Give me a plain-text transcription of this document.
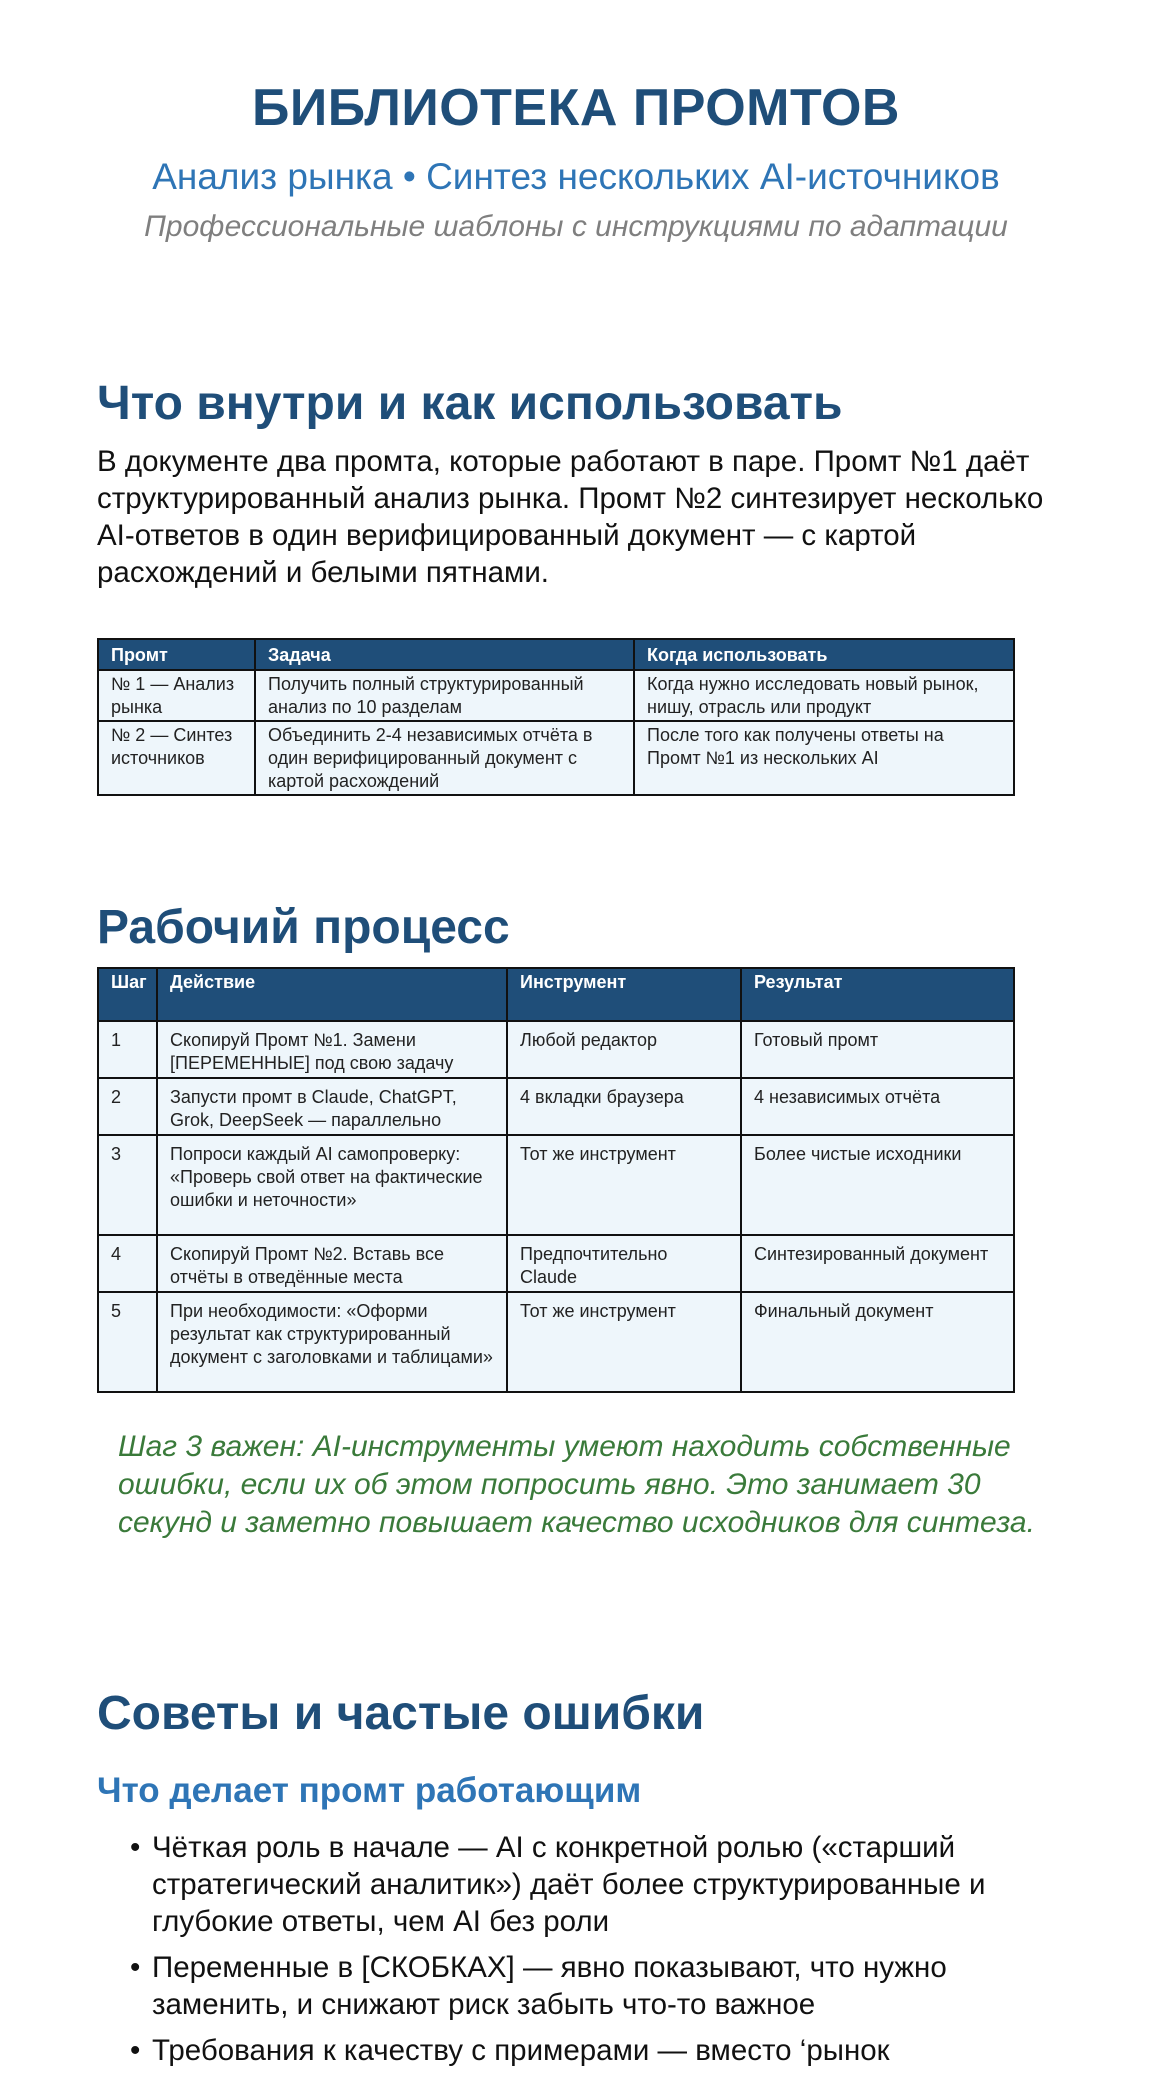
БИБЛИОТЕКА ПРОМТОВ
Анализ рынка • Синтез нескольких AI-источников
Профессиональные шаблоны с инструкциями по адаптации
Что внутри и как использовать
В документе два промта, которые работают в паре. Промт №1 даёт структурированный анализ рынка. Промт №2 синтезирует несколько AI-ответов в один верифицированный документ — с картой расхождений и белыми пятнами.
Промт	Задача	Когда использовать
№ 1 — Анализ рынка	Получить полный структурированный анализ по 10 разделам	Когда нужно исследовать новый рынок, нишу, отрасль или продукт
№ 2 — Синтез источников	Объединить 2-4 независимых отчёта в один верифицированный документ с картой расхождений	После того как получены ответы на Промт №1 из нескольких AI
Рабочий процесс
Шаг	Действие	Инструмент	Результат
1	Скопируй Промт №1. Замени [ПЕРЕМЕННЫЕ] под свою задачу	Любой редактор	Готовый промт
2	Запусти промт в Claude, ChatGPT, Grok, DeepSeek — параллельно	4 вкладки браузера	4 независимых отчёта
3	Попроси каждый AI самопроверку: «Проверь свой ответ на фактические ошибки и неточности»	Тот же инструмент	Более чистые исходники
4	Скопируй Промт №2. Вставь все отчёты в отведённые места	Предпочтительно Claude	Синтезированный документ
5	При необходимости: «Оформи результат как структурированный документ с заголовками и таблицами»	Тот же инструмент	Финальный документ
Шаг 3 важен: AI-инструменты умеют находить собственные ошибки, если их об этом попросить явно. Это занимает 30 секунд и заметно повышает качество исходников для синтеза.
Советы и частые ошибки
Что делает промт работающим
• Чёткая роль в начале — AI с конкретной ролью («старший стратегический аналитик») даёт более структурированные и глубокие ответы, чем AI без роли
• Переменные в [СКОБКАХ] — явно показывают, что нужно заменить, и снижают риск забыть что-то важное
• Требования к качеству с примерами — вместо ‘рынок
